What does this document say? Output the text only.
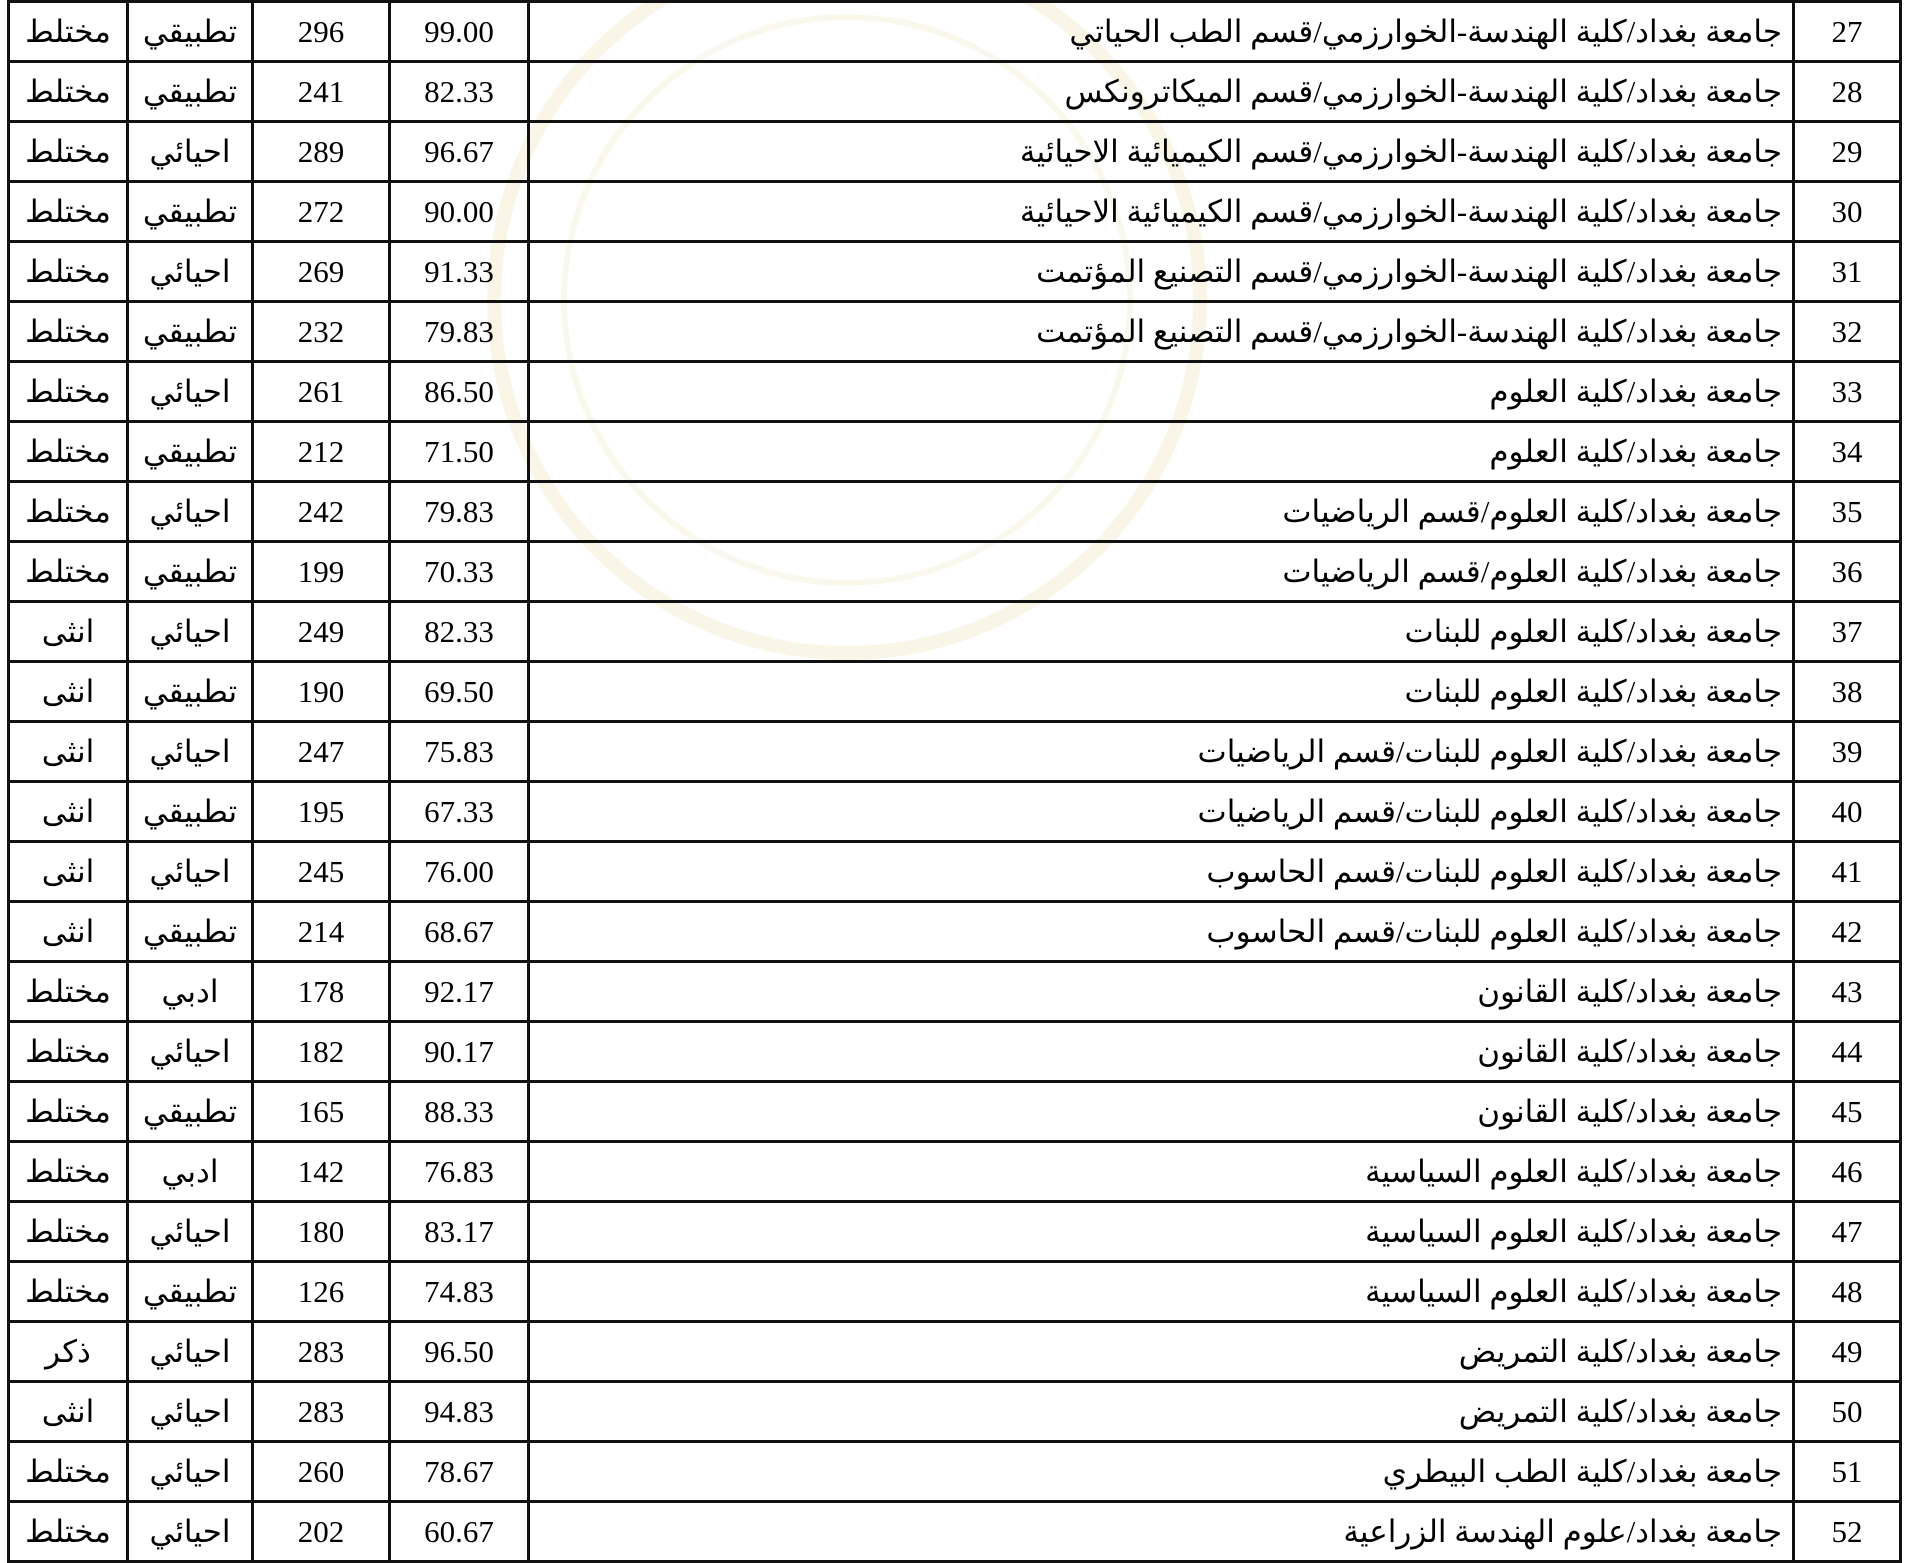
27	جامعة بغداد/كلية الهندسة-الخوارزمي/قسم الطب الحياتي	99.00	296	تطبيقي	مختلط
28	جامعة بغداد/كلية الهندسة-الخوارزمي/قسم الميكاترونكس	82.33	241	تطبيقي	مختلط
29	جامعة بغداد/كلية الهندسة-الخوارزمي/قسم الكيميائية الاحيائية	96.67	289	احيائي	مختلط
30	جامعة بغداد/كلية الهندسة-الخوارزمي/قسم الكيميائية الاحيائية	90.00	272	تطبيقي	مختلط
31	جامعة بغداد/كلية الهندسة-الخوارزمي/قسم التصنيع المؤتمت	91.33	269	احيائي	مختلط
32	جامعة بغداد/كلية الهندسة-الخوارزمي/قسم التصنيع المؤتمت	79.83	232	تطبيقي	مختلط
33	جامعة بغداد/كلية العلوم	86.50	261	احيائي	مختلط
34	جامعة بغداد/كلية العلوم	71.50	212	تطبيقي	مختلط
35	جامعة بغداد/كلية العلوم/قسم الرياضيات	79.83	242	احيائي	مختلط
36	جامعة بغداد/كلية العلوم/قسم الرياضيات	70.33	199	تطبيقي	مختلط
37	جامعة بغداد/كلية العلوم للبنات	82.33	249	احيائي	انثى
38	جامعة بغداد/كلية العلوم للبنات	69.50	190	تطبيقي	انثى
39	جامعة بغداد/كلية العلوم للبنات/قسم الرياضيات	75.83	247	احيائي	انثى
40	جامعة بغداد/كلية العلوم للبنات/قسم الرياضيات	67.33	195	تطبيقي	انثى
41	جامعة بغداد/كلية العلوم للبنات/قسم الحاسوب	76.00	245	احيائي	انثى
42	جامعة بغداد/كلية العلوم للبنات/قسم الحاسوب	68.67	214	تطبيقي	انثى
43	جامعة بغداد/كلية القانون	92.17	178	ادبي	مختلط
44	جامعة بغداد/كلية القانون	90.17	182	احيائي	مختلط
45	جامعة بغداد/كلية القانون	88.33	165	تطبيقي	مختلط
46	جامعة بغداد/كلية العلوم السياسية	76.83	142	ادبي	مختلط
47	جامعة بغداد/كلية العلوم السياسية	83.17	180	احيائي	مختلط
48	جامعة بغداد/كلية العلوم السياسية	74.83	126	تطبيقي	مختلط
49	جامعة بغداد/كلية التمريض	96.50	283	احيائي	ذكر
50	جامعة بغداد/كلية التمريض	94.83	283	احيائي	انثى
51	جامعة بغداد/كلية الطب البيطري	78.67	260	احيائي	مختلط
52	جامعة بغداد/علوم الهندسة الزراعية	60.67	202	احيائي	مختلط
